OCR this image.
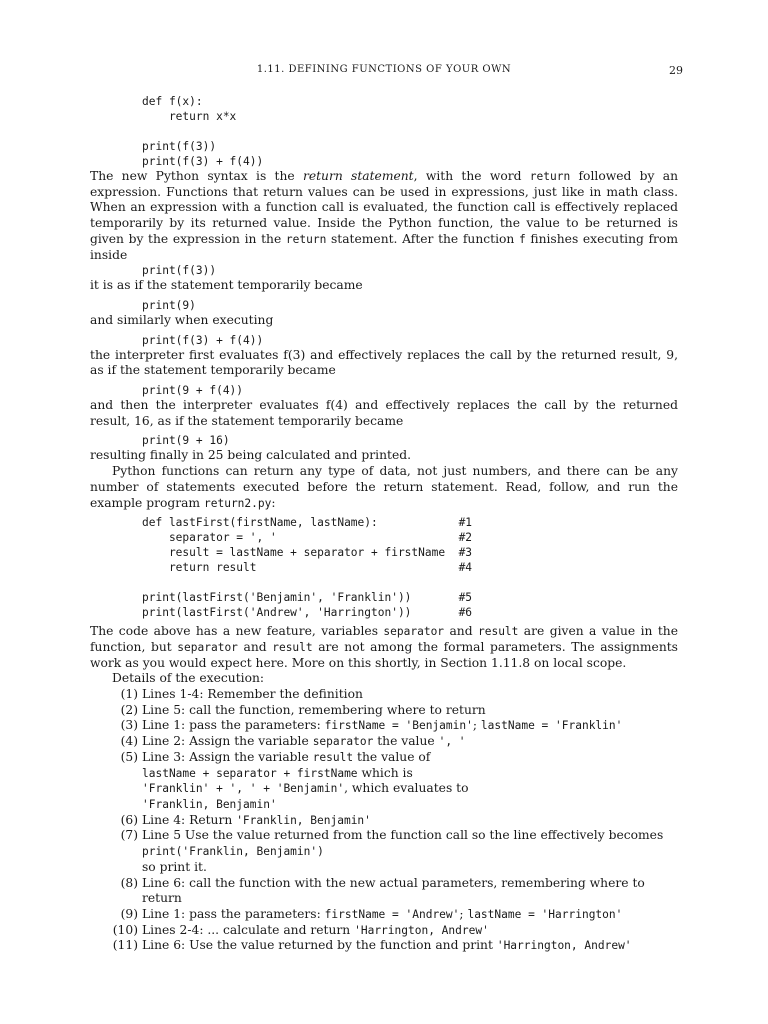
1.11. DEFINING FUNCTIONS OF YOUR OWN	29
def f(x):
return x*x

print(f(3))
print(f(3) + f(4))

The new Python syntax is the return statement, with the word return followed by an expression. Functions that return values can be used in expressions, just like in math class. When an expression with a function call is evaluated, the function call is effectively replaced temporarily by its returned value. Inside the Python function, the value to be returned is given by the expression in the return statement. After the function f finishes executing from inside

print(f(3))

it is as if the statement temporarily became

print(9)

and similarly when executing

print(f(3) + f(4))

the interpreter first evaluates f(3) and effectively replaces the call by the returned result, 9, as if the statement temporarily became

print(9 + f(4))

and then the interpreter evaluates f(4) and effectively replaces the call by the returned result, 16, as if the statement temporarily became

print(9 + 16)

resulting finally in 25 being calculated and printed.

Python functions can return any type of data, not just numbers, and there can be any number of statements executed before the return statement. Read, follow, and run the example program return2.py:

def lastFirst(firstName, lastName):            #1
separator = ', '                           #2
result = lastName + separator + firstName  #3
return result                              #4

print(lastFirst('Benjamin', 'Franklin'))       #5
print(lastFirst('Andrew', 'Harrington'))       #6

The code above has a new feature, variables separator and result are given a value in the function, but separator and result are not among the formal parameters. The assignments work as you would expect here. More on this shortly, in Section 1.11.8 on local scope.

Details of the execution:
(1) Lines 1-4: Remember the definition
(2) Line 5: call the function, remembering where to return
(3) Line 1: pass the parameters: firstName = 'Benjamin'; lastName = 'Franklin'
(4) Line 2: Assign the variable separator the value ', '
(5) Line 3: Assign the variable result the value of
lastName + separator + firstName which is
'Franklin' + ', ' + 'Benjamin', which evaluates to
'Franklin, Benjamin'
(6) Line 4: Return 'Franklin, Benjamin'
(7) Line 5 Use the value returned from the function call so the line effectively becomes
print('Franklin, Benjamin')
so print it.
(8) Line 6: call the function with the new actual parameters, remembering where to return
(9) Line 1: pass the parameters: firstName = 'Andrew'; lastName = 'Harrington'
(10) Lines 2-4: ... calculate and return 'Harrington, Andrew'
(11) Line 6: Use the value returned by the function and print 'Harrington, Andrew'
